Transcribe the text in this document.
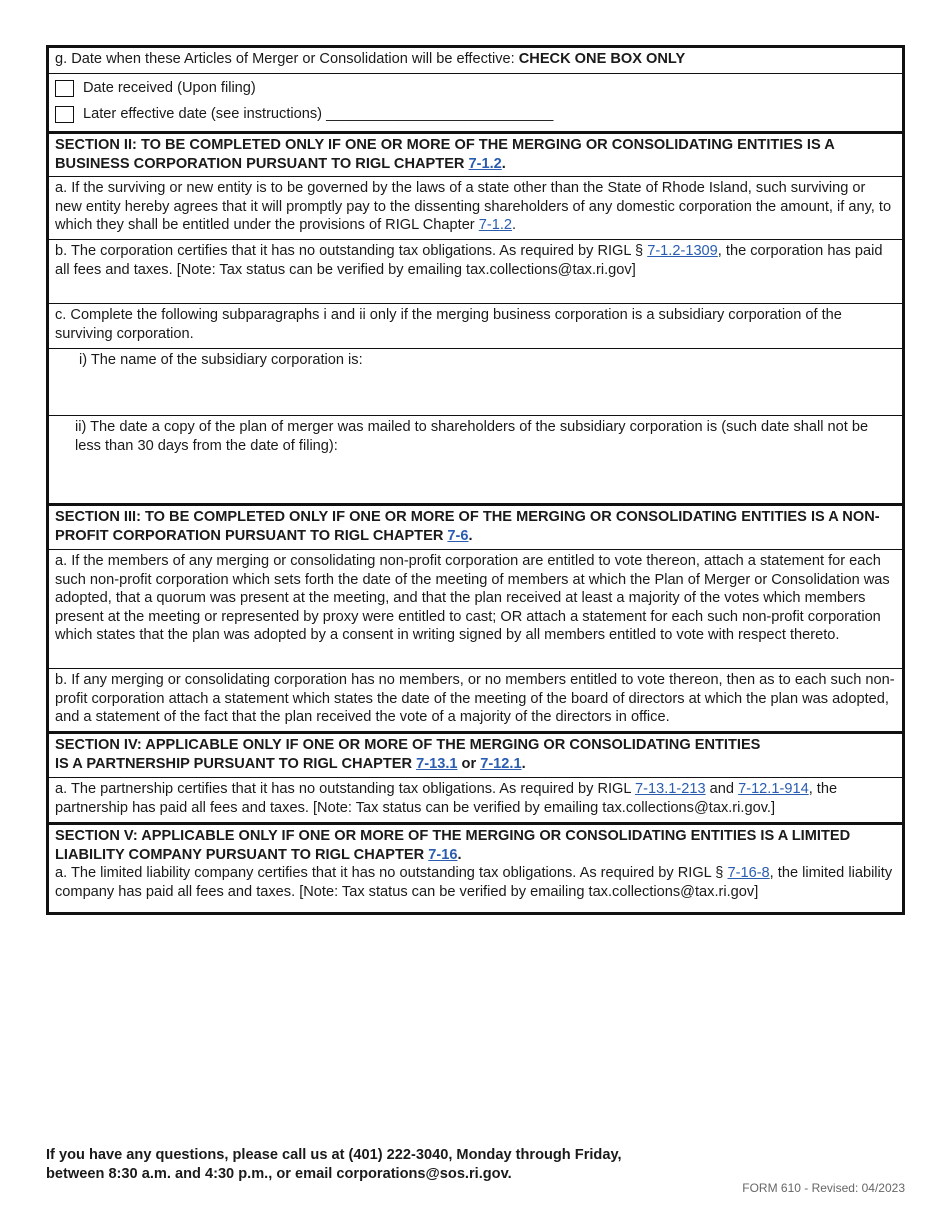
g. Date when these Articles of Merger or Consolidation will be effective: CHECK ONE BOX ONLY
Date received (Upon filing)
Later effective date (see instructions) ____________________________
SECTION II: TO BE COMPLETED ONLY IF ONE OR MORE OF THE MERGING OR CONSOLIDATING ENTITIES IS A BUSINESS CORPORATION PURSUANT TO RIGL CHAPTER 7-1.2.
a. If the surviving or new entity is to be governed by the laws of a state other than the State of Rhode Island, such surviving or new entity hereby agrees that it will promptly pay to the dissenting shareholders of any domestic corporation the amount, if any, to which they shall be entitled under the provisions of RIGL Chapter 7-1.2.
b. The corporation certifies that it has no outstanding tax obligations. As required by RIGL § 7-1.2-1309, the corporation has paid all fees and taxes. [Note: Tax status can be verified by emailing tax.collections@tax.ri.gov]
c. Complete the following subparagraphs i and ii only if the merging business corporation is a subsidiary corporation of the surviving corporation.
i) The name of the subsidiary corporation is:
ii) The date a copy of the plan of merger was mailed to shareholders of the subsidiary corporation is (such date shall not be less than 30 days from the date of filing):
SECTION III: TO BE COMPLETED ONLY IF ONE OR MORE OF THE MERGING OR CONSOLIDATING ENTITIES IS A NON-PROFIT CORPORATION PURSUANT TO RIGL CHAPTER 7-6.
a. If the members of any merging or consolidating non-profit corporation are entitled to vote thereon, attach a statement for each such non-profit corporation which sets forth the date of the meeting of members at which the Plan of Merger or Consolidation was adopted, that a quorum was present at the meeting, and that the plan received at least a majority of the votes which members present at the meeting or represented by proxy were entitled to cast; OR attach a statement for each such non-profit corporation which states that the plan was adopted by a consent in writing signed by all members entitled to vote with respect thereto.
b. If any merging or consolidating corporation has no members, or no members entitled to vote thereon, then as to each such non-profit corporation attach a statement which states the date of the meeting of the board of directors at which the plan was adopted, and a statement of the fact that the plan received the vote of a majority of the directors in office.
SECTION IV: APPLICABLE ONLY IF ONE OR MORE OF THE MERGING OR CONSOLIDATING ENTITIES
IS A PARTNERSHIP PURSUANT TO RIGL CHAPTER 7-13.1 or 7-12.1.
a. The partnership certifies that it has no outstanding tax obligations. As required by RIGL 7-13.1-213 and 7-12.1-914, the partnership has paid all fees and taxes. [Note: Tax status can be verified by emailing tax.collections@tax.ri.gov.]
SECTION V: APPLICABLE ONLY IF ONE OR MORE OF THE MERGING OR CONSOLIDATING ENTITIES IS A LIMITED LIABILITY COMPANY PURSUANT TO RIGL CHAPTER 7-16.
a. The limited liability company certifies that it has no outstanding tax obligations. As required by RIGL § 7-16-8, the limited liability company has paid all fees and taxes. [Note: Tax status can be verified by emailing tax.collections@tax.ri.gov]
If you have any questions, please call us at (401) 222-3040, Monday through Friday,
between 8:30 a.m. and 4:30 p.m., or email corporations@sos.ri.gov.
FORM 610 - Revised: 04/2023
